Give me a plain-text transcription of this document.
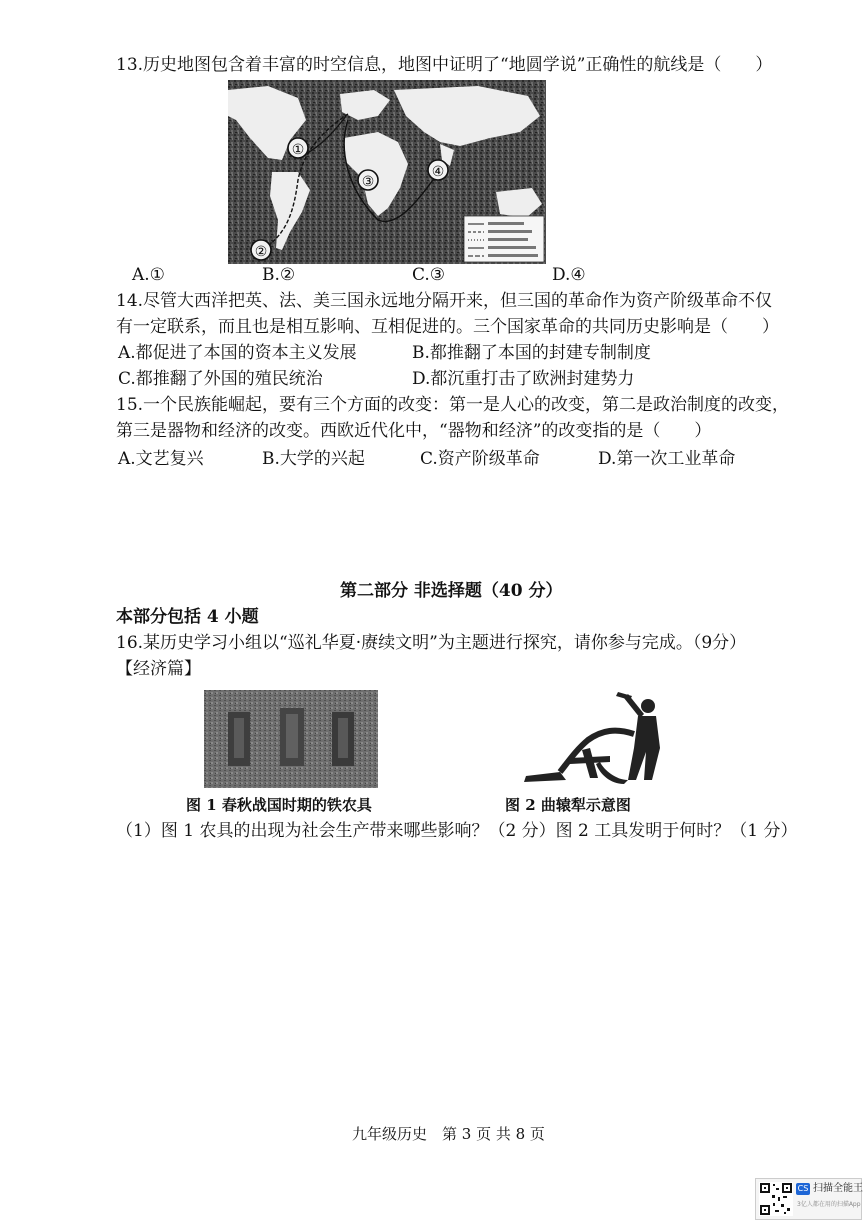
13.历史地图包含着丰富的时空信息，地图中证明了“地圆学说”正确性的航线是（　　）
①
②
③
④
A.①	B.②	C.③	D.④
14.尽管大西洋把英、法、美三国永远地分隔开来，但三国的革命作为资产阶级革命不仅
有一定联系，而且也是相互影响、互相促进的。三个国家革命的共同历史影响是（　　）
A.都促进了本国的资本主义发展	B.都推翻了本国的封建专制制度
C.都推翻了外国的殖民统治	D.都沉重打击了欧洲封建势力
15.一个民族能崛起，要有三个方面的改变：第一是人心的改变，第二是政治制度的改变，
第三是器物和经济的改变。西欧近代化中，“器物和经济”的改变指的是（　　）
A.文艺复兴	B.大学的兴起	C.资产阶级革命	D.第一次工业革命
第二部分 非选择题（40 分）
本部分包括 4 小题
16.某历史学习小组以“巡礼华夏·赓续文明”为主题进行探究，请你参与完成。（9分）
【经济篇】
图 1 春秋战国时期的铁农具	图 2 曲辕犁示意图
（1）图 1 农具的出现为社会生产带来哪些影响？（2 分）图 2 工具发明于何时？（1 分）
九年级历史　第 3 页 共 8 页
CS 扫描全能王
3亿人都在用的扫描App
